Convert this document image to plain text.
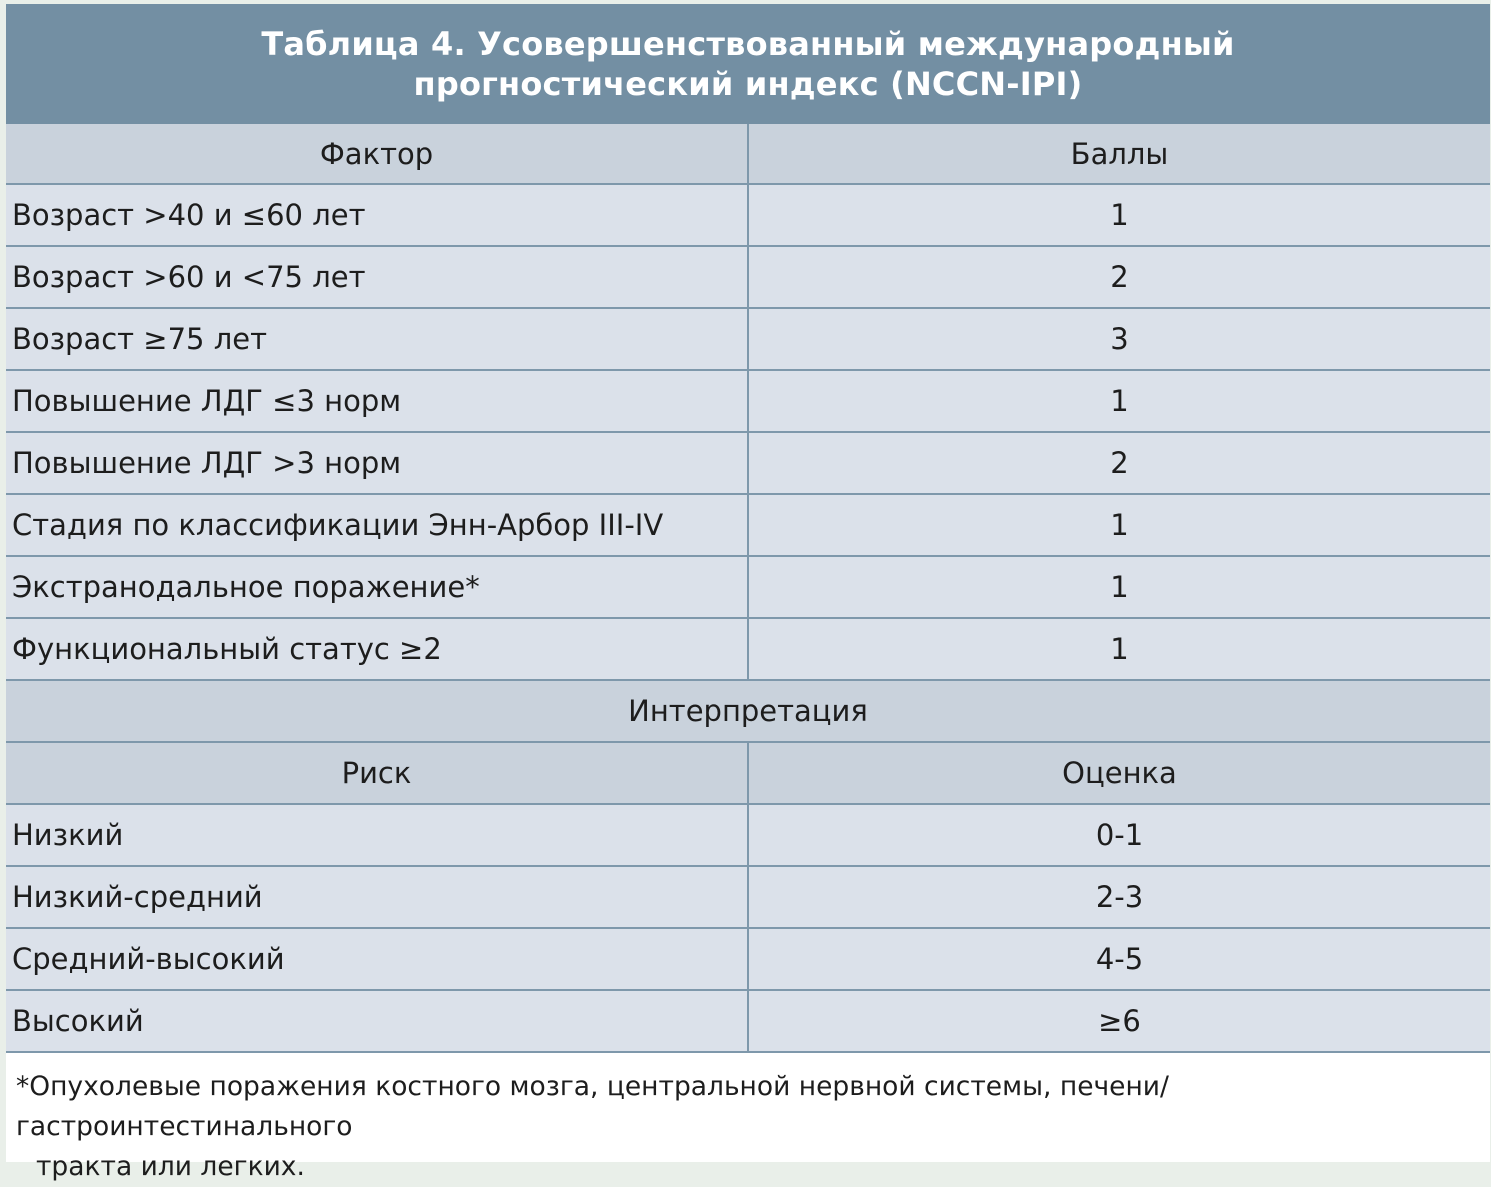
Таблица 4. Усовершенствованный международный
прогностический индекс (NCCN-IPI)
Фактор	Баллы
Возраст >40 и ≤60 лет	1
Возраст >60 и <75 лет	2
Возраст ≥75 лет	3
Повышение ЛДГ ≤3 норм	1
Повышение ЛДГ >3 норм	2
Стадия по классификации Энн-Арбор III-IV	1
Экстранодальное поражение*	1
Функциональный статус ≥2	1
Интерпретация	
Риск	Оценка
Низкий	0-1
Низкий-средний	2-3
Средний-высокий	4-5
Высокий	≥6
*Опухолевые поражения костного мозга, центральной нервной системы, печени/гастроинтестинального
тракта или легких.
